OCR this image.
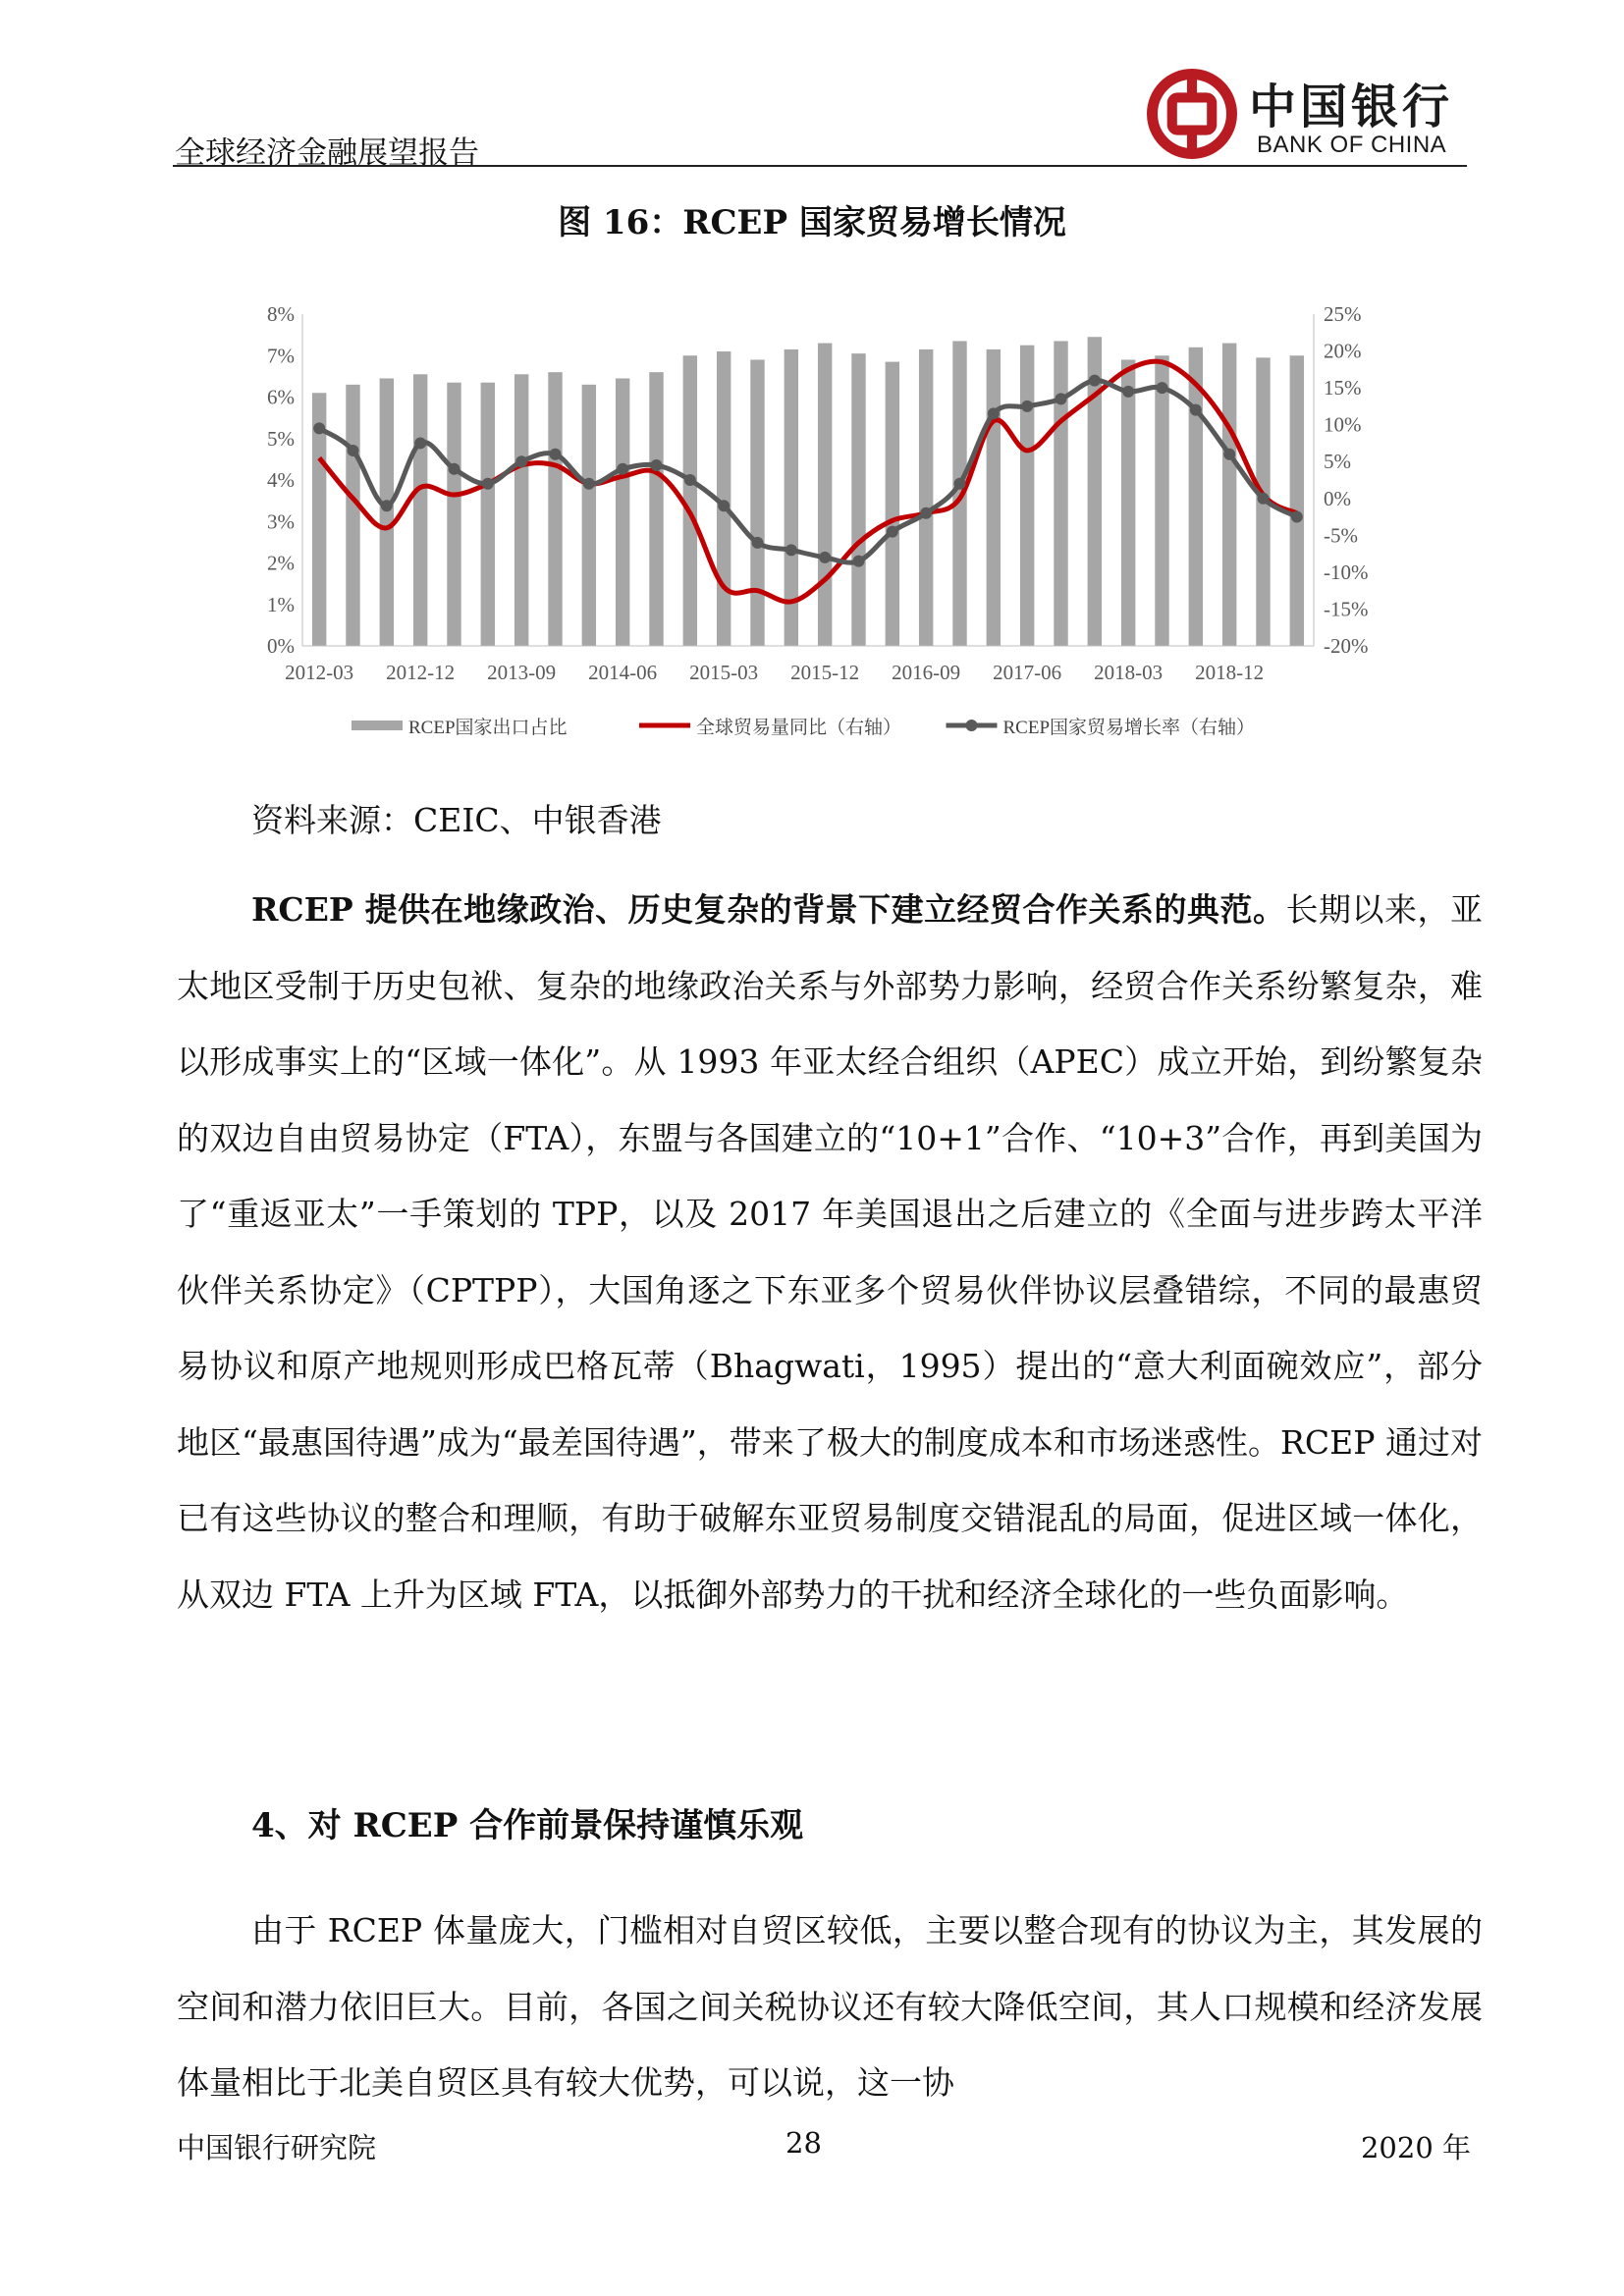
全球经济金融展望报告
中国银行
BANK OF CHINA
图 16：RCEP 国家贸易增长情况
8%
7%
6%
5%
4%
3%
2%
1%
0%
25%
20%
15%
10%
5%
0%
-5%
-10%
-15%
-20%
2012-03 2012-12 2013-09 2014-06 2015-03 2015-12 2016-09 2017-06 2018-03 2018-12
RCEP国家出口占比	全球贸易量同比（右轴）	RCEP国家贸易增长率（右轴）
资料来源：CEIC、中银香港
RCEP 提供在地缘政治、历史复杂的背景下建立经贸合作关系的典范。长期以来，亚太地区受制于历史包袱、复杂的地缘政治关系与外部势力影响，经贸合作关系纷繁复杂，难以形成事实上的“区域一体化”。从 1993 年亚太经合组织（APEC）成立开始，到纷繁复杂的双边自由贸易协定（FTA），东盟与各国建立的“10+1”合作、“10+3”合作，再到美国为了“重返亚太”一手策划的 TPP，以及 2017 年美国退出之后建立的《全面与进步跨太平洋伙伴关系协定》（CPTPP），大国角逐之下东亚多个贸易伙伴协议层叠错综，不同的最惠贸易协议和原产地规则形成巴格瓦蒂（Bhagwati，1995）提出的“意大利面碗效应”，部分地区“最惠国待遇”成为“最差国待遇”，带来了极大的制度成本和市场迷惑性。RCEP 通过对已有这些协议的整合和理顺，有助于破解东亚贸易制度交错混乱的局面，促进区域一体化，从双边 FTA 上升为区域 FTA，以抵御外部势力的干扰和经济全球化的一些负面影响。
4、对 RCEP 合作前景保持谨慎乐观
由于 RCEP 体量庞大，门槛相对自贸区较低，主要以整合现有的协议为主，其发展的空间和潜力依旧巨大。目前，各国之间关税协议还有较大降低空间，其人口规模和经济发展体量相比于北美自贸区具有较大优势，可以说，这一协
中国银行研究院	28	2020 年
